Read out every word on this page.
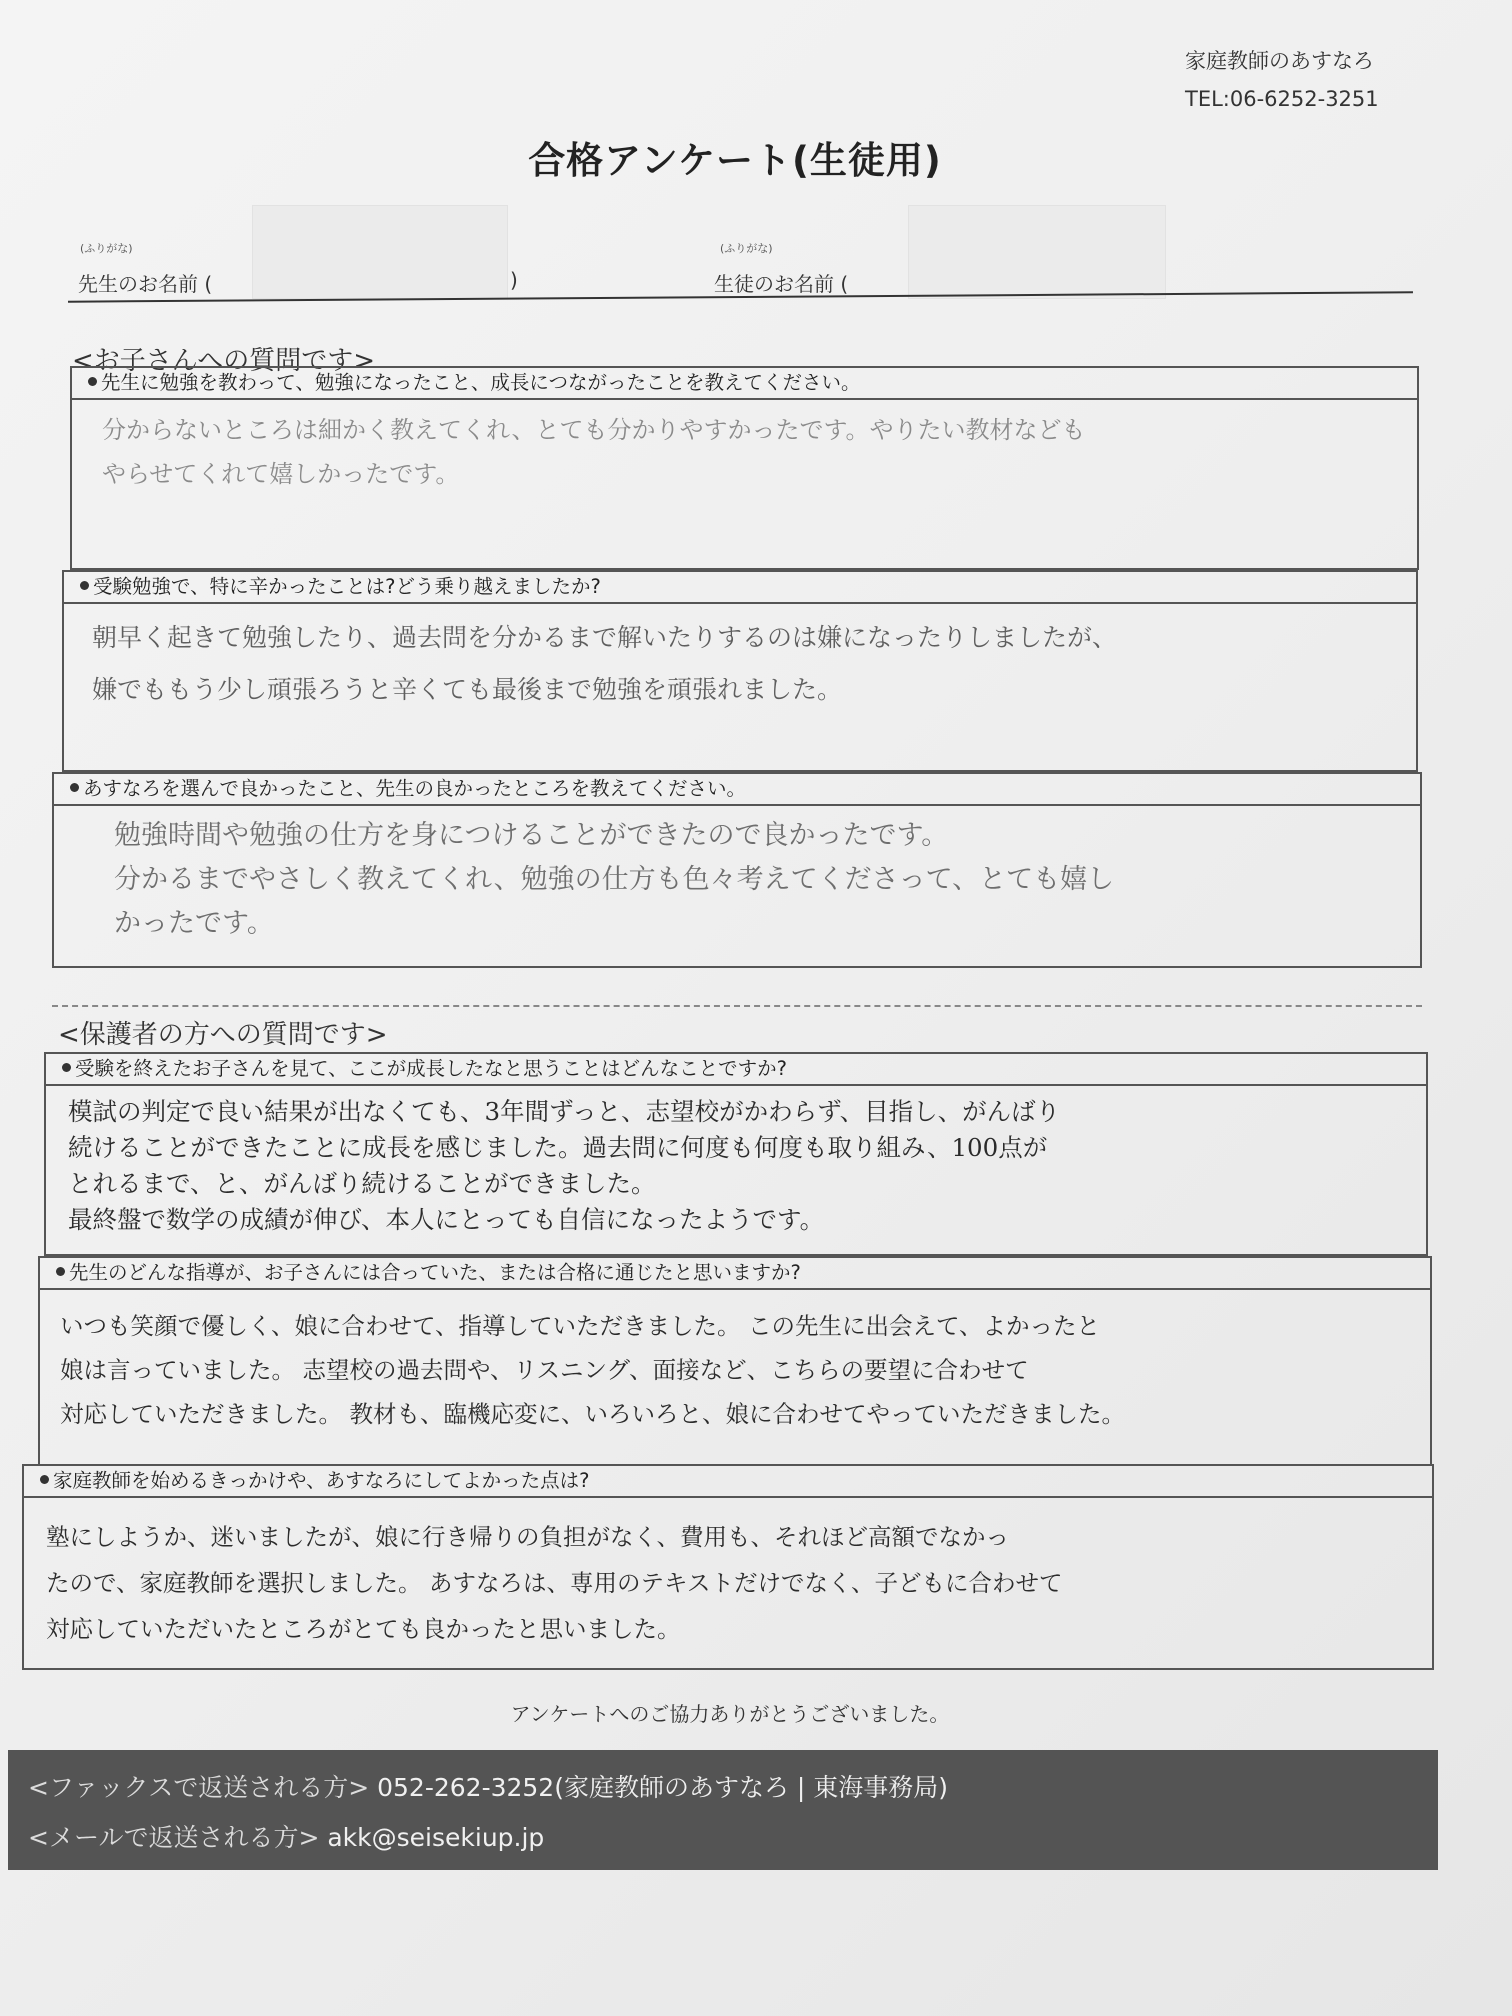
家庭教師のあすなろ
TEL:06-6252-3251
合格アンケート(生徒用)
(ふりがな)
先生のお名前 (	)
(ふりがな)
生徒のお名前 (
<お子さんへの質問です>
先生に勉強を教わって、勉強になったこと、成長につながったことを教えてください。

分からないところは細かく教えてくれ、とても分かりやすかったです。やりたい教材なども

やらせてくれて嬉しかったです。

受験勉強で、特に辛かったことは?どう乗り越えましたか?

朝早く起きて勉強したり、過去問を分かるまで解いたりするのは嫌になったりしましたが、

嫌でももう少し頑張ろうと辛くても最後まで勉強を頑張れました。

あすなろを選んで良かったこと、先生の良かったところを教えてください。

勉強時間や勉強の仕方を身につけることができたので良かったです。

分かるまでやさしく教えてくれ、勉強の仕方も色々考えてくださって、とても嬉し

かったです。

<保護者の方への質問です>
受験を終えたお子さんを見て、ここが成長したなと思うことはどんなことですか?

模試の判定で良い結果が出なくても、3年間ずっと、志望校がかわらず、目指し、がんばり

続けることができたことに成長を感じました。過去問に何度も何度も取り組み、100点が

とれるまで、と、がんばり続けることができました。

最終盤で数学の成績が伸び、本人にとっても自信になったようです。

先生のどんな指導が、お子さんには合っていた、または合格に通じたと思いますか?

いつも笑顔で優しく、娘に合わせて、指導していただきました。 この先生に出会えて、よかったと

娘は言っていました。 志望校の過去問や、リスニング、面接など、こちらの要望に合わせて

対応していただきました。 教材も、臨機応変に、いろいろと、娘に合わせてやっていただきました。

家庭教師を始めるきっかけや、あすなろにしてよかった点は?

塾にしようか、迷いましたが、娘に行き帰りの負担がなく、費用も、それほど高額でなかっ

たので、家庭教師を選択しました。 あすなろは、専用のテキストだけでなく、子どもに合わせて

対応していただいたところがとても良かったと思いました。

アンケートへのご協力ありがとうございました。
<ファックスで返送される方> 052-262-3252(家庭教師のあすなろ | 東海事務局)
<メールで返送される方> akk@seisekiup.jp
